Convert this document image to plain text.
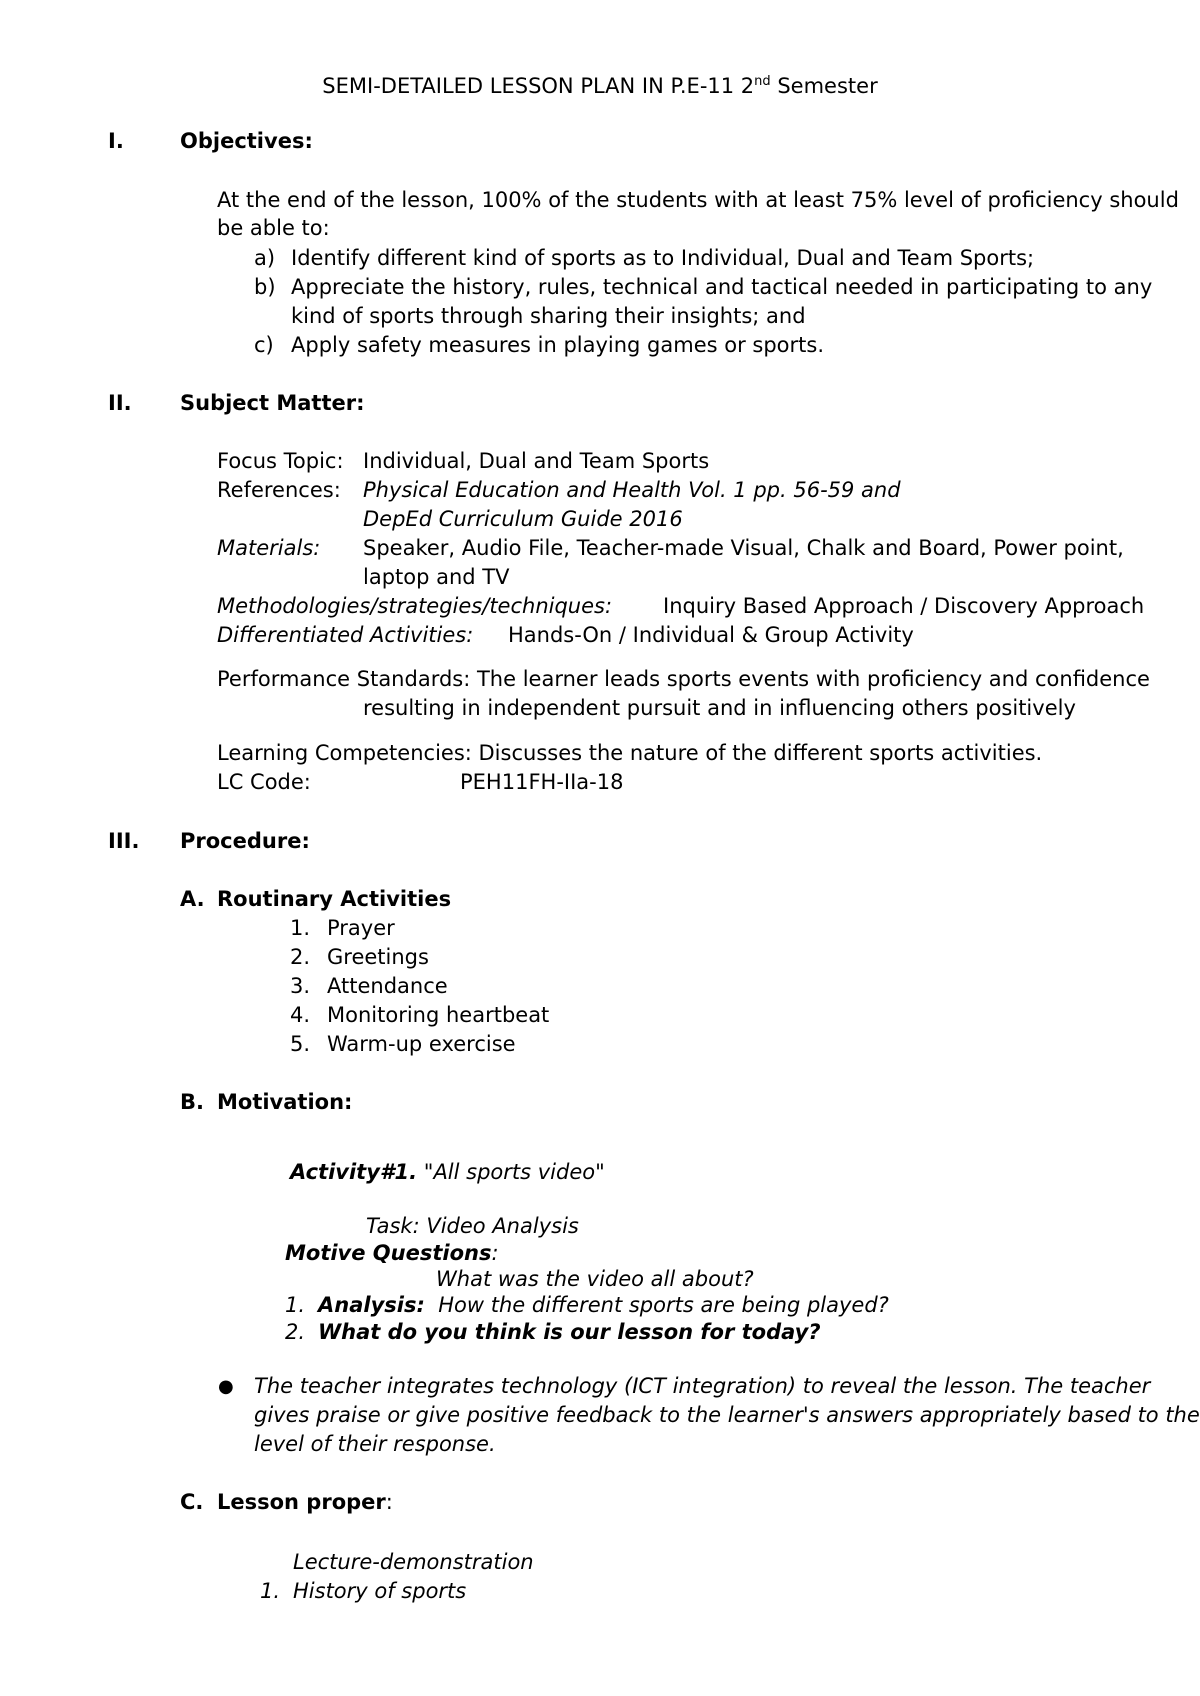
SEMI-DETAILED LESSON PLAN IN P.E-11 2nd Semester
I.	Objectives:
At the end of the lesson, 100% of the students with at least 75% level of proficiency should
be able to:
a) Identify different kind of sports as to Individual, Dual and Team Sports;
b) Appreciate the history, rules, technical and tactical needed in participating to any
kind of sports through sharing their insights; and
c) Apply safety measures in playing games or sports.
II. Subject Matter:
Focus Topic: Individual, Dual and Team Sports
References: Physical Education and Health Vol. 1 pp. 56-59 and
DepEd Curriculum Guide 2016
Materials: Speaker, Audio File, Teacher-made Visual, Chalk and Board, Power point,
laptop and TV
Methodologies/strategies/techniques: Inquiry Based Approach / Discovery Approach
Differentiated Activities: Hands-On / Individual & Group Activity
Performance Standards: The learner leads sports events with proficiency and confidence
resulting in independent pursuit and in influencing others positively
Learning Competencies: Discusses the nature of the different sports activities.
LC Code:	PEH11FH-IIa-18
III. Procedure:
A. Routinary Activities
1. Prayer
2. Greetings
3. Attendance
4. Monitoring heartbeat
5. Warm-up exercise
B. Motivation:
Activity#1. "All sports video"
Task: Video Analysis
Motive Questions:
What was the video all about?
1. Analysis: How the different sports are being played?
2. What do you think is our lesson for today?
● The teacher integrates technology (ICT integration) to reveal the lesson. The teacher
gives praise or give positive feedback to the learner's answers appropriately based to the
level of their response.
C. Lesson proper:
Lecture-demonstration
1. History of sports
